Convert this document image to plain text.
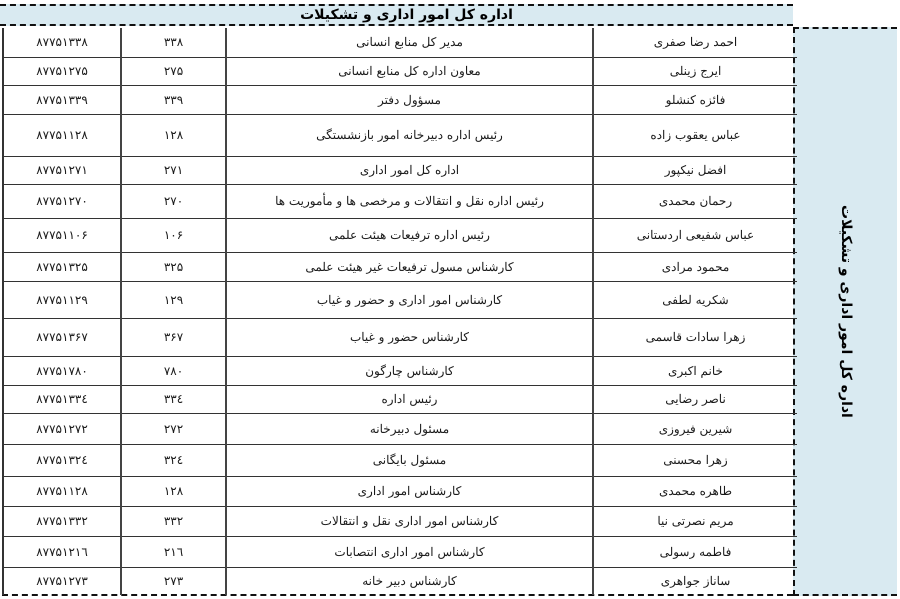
اداره کل امور اداری و تشکیلات
اداره کل امور اداری و تشکیلات
۸۷۷۵۱۳۳۸	۳۳۸	مدیر کل منابع انسانی	احمد رضا صفری
۸۷۷۵۱۲۷۵	۲۷۵	معاون اداره کل منابع انسانی	ایرج زینلی
۸۷۷۵۱۳۳۹	۳۳۹	مسؤول دفتر	فائزه کنشلو
۸۷۷۵۱۱۲۸	۱۲۸	رئیس اداره دبیرخانه امور بازنشستگی	عباس یعقوب زاده
۸۷۷۵۱۲۷۱	۲۷۱	اداره کل امور اداری	افضل نیکپور
۸۷۷۵۱۲۷۰	۲۷۰	رئیس اداره نقل و انتقالات و مرخصی ها و مأموریت ها	رحمان محمدی
۸۷۷۵۱۱۰۶	۱۰۶	رئیس اداره ترفیعات هیئت علمی	عباس شفیعی اردستانی
۸۷۷۵۱۳۲۵	۳۲۵	کارشناس مسول ترفیعات غیر هیئت علمی	محمود مرادی
۸۷۷۵۱۱۲۹	۱۲۹	کارشناس امور اداری و حضور و غیاب	شکریه لطفی
۸۷۷۵۱۳۶۷	۳۶۷	کارشناس حضور و غیاب	زهرا سادات قاسمی
۸۷۷۵۱۷۸۰	۷۸۰	کارشناس چارگون	خانم اکبری
۸۷۷۵۱۳۳٤	۳۳٤	رئیس اداره	ناصر رضایی
۸۷۷۵۱۲۷۲	۲۷۲	مسئول دبیرخانه	شیرین فیروزی
۸۷۷۵۱۳۲٤	۳۲٤	مسئول بایگانی	زهرا محسنی
۸۷۷۵۱۱۲۸	۱۲۸	کارشناس امور اداری	طاهره محمدی
۸۷۷۵۱۳۳۲	۳۳۲	کارشناس امور اداری نقل و انتقالات	مریم نصرتی نیا
۸۷۷۵۱۲۱٦	۲۱٦	کارشناس امور اداری انتصابات	فاطمه رسولی
۸۷۷۵۱۲۷۳	۲۷۳	کارشناس دبیر خانه	ساناز جواهری
